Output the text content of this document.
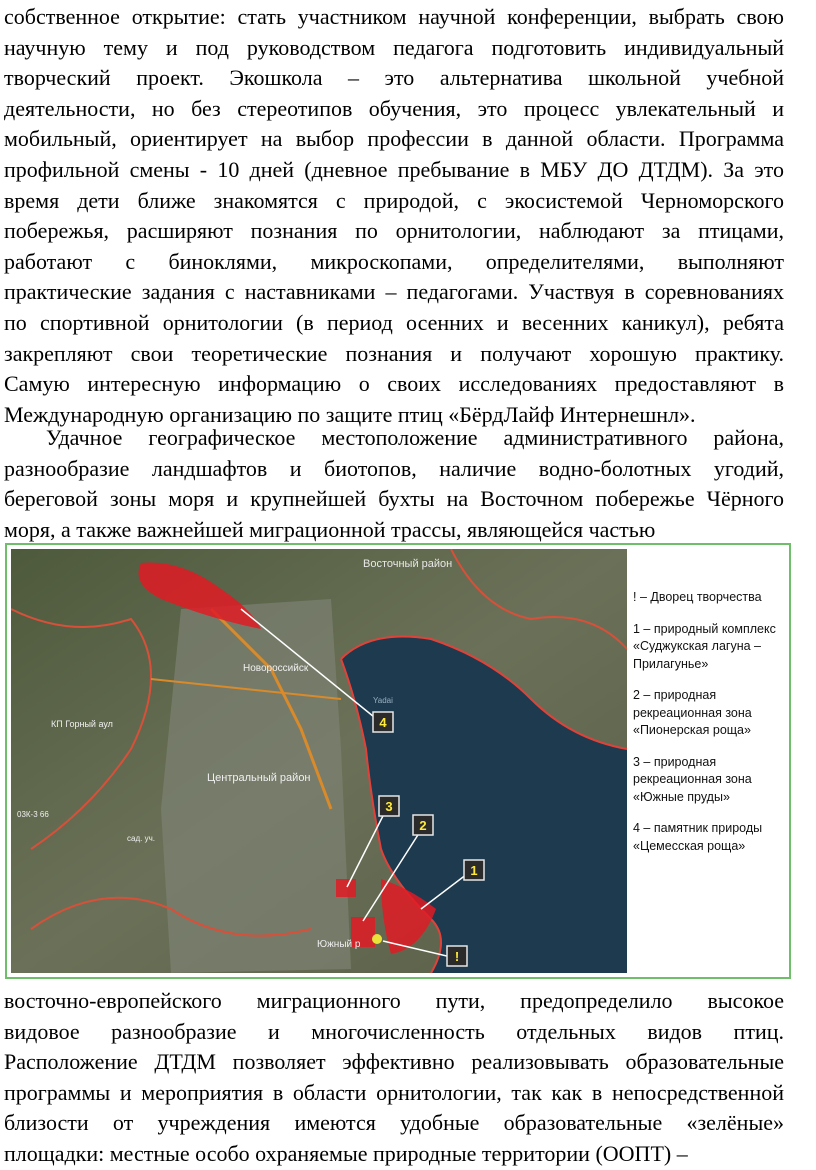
собственное открытие: стать участником научной конференции, выбрать свою
научную тему и под руководством педагога подготовить индивидуальный
творческий проект. Экошкола – это альтернатива школьной учебной
деятельности, но без стереотипов обучения, это процесс увлекательный и
мобильный, ориентирует на выбор профессии в данной области. Программа
профильной смены - 10 дней (дневное пребывание в МБУ ДО ДТДМ). За это
время дети ближе знакомятся с природой, с экосистемой Черноморского
побережья, расширяют познания по орнитологии, наблюдают за птицами,
работают с биноклями, микроскопами, определителями, выполняют
практические задания с наставниками – педагогами. Участвуя в соревнованиях
по спортивной орнитологии (в период осенних и весенних каникул), ребята
закрепляют свои теоретические познания и получают хорошую практику.
Самую интересную информацию о своих исследованиях предоставляют в
Международную организацию по защите птиц «БёрдЛайф Интернешнл».
Удачное географическое местоположение административного района,
разнообразие ландшафтов и биотопов, наличие водно-болотных угодий,
береговой зоны моря и крупнейшей бухты на Восточном побережье Чёрного
моря, а также важнейшей миграционной трассы, являющейся частью
4
3
2
1
!
Восточный район
Новороссийск
Центральный район
КП Горный аул
Южный р
03К-3 66
сад. уч.
Yadai
! – Дворец творчества
1 – природный комплекс «Суджукская лагуна – Прилагунье»
2 – природная рекреационная зона «Пионерская роща»
3 – природная рекреационная зона «Южные пруды»
4 – памятник природы «Цемесская роща»
восточно-европейского миграционного пути, предопределило высокое
видовое разнообразие и многочисленность отдельных видов птиц.
Расположение ДТДМ позволяет эффективно реализовывать образовательные
программы и мероприятия в области орнитологии, так как в непосредственной
близости от учреждения имеются удобные образовательные «зелёные»
площадки: местные особо охраняемые природные территории (ООПТ) –
